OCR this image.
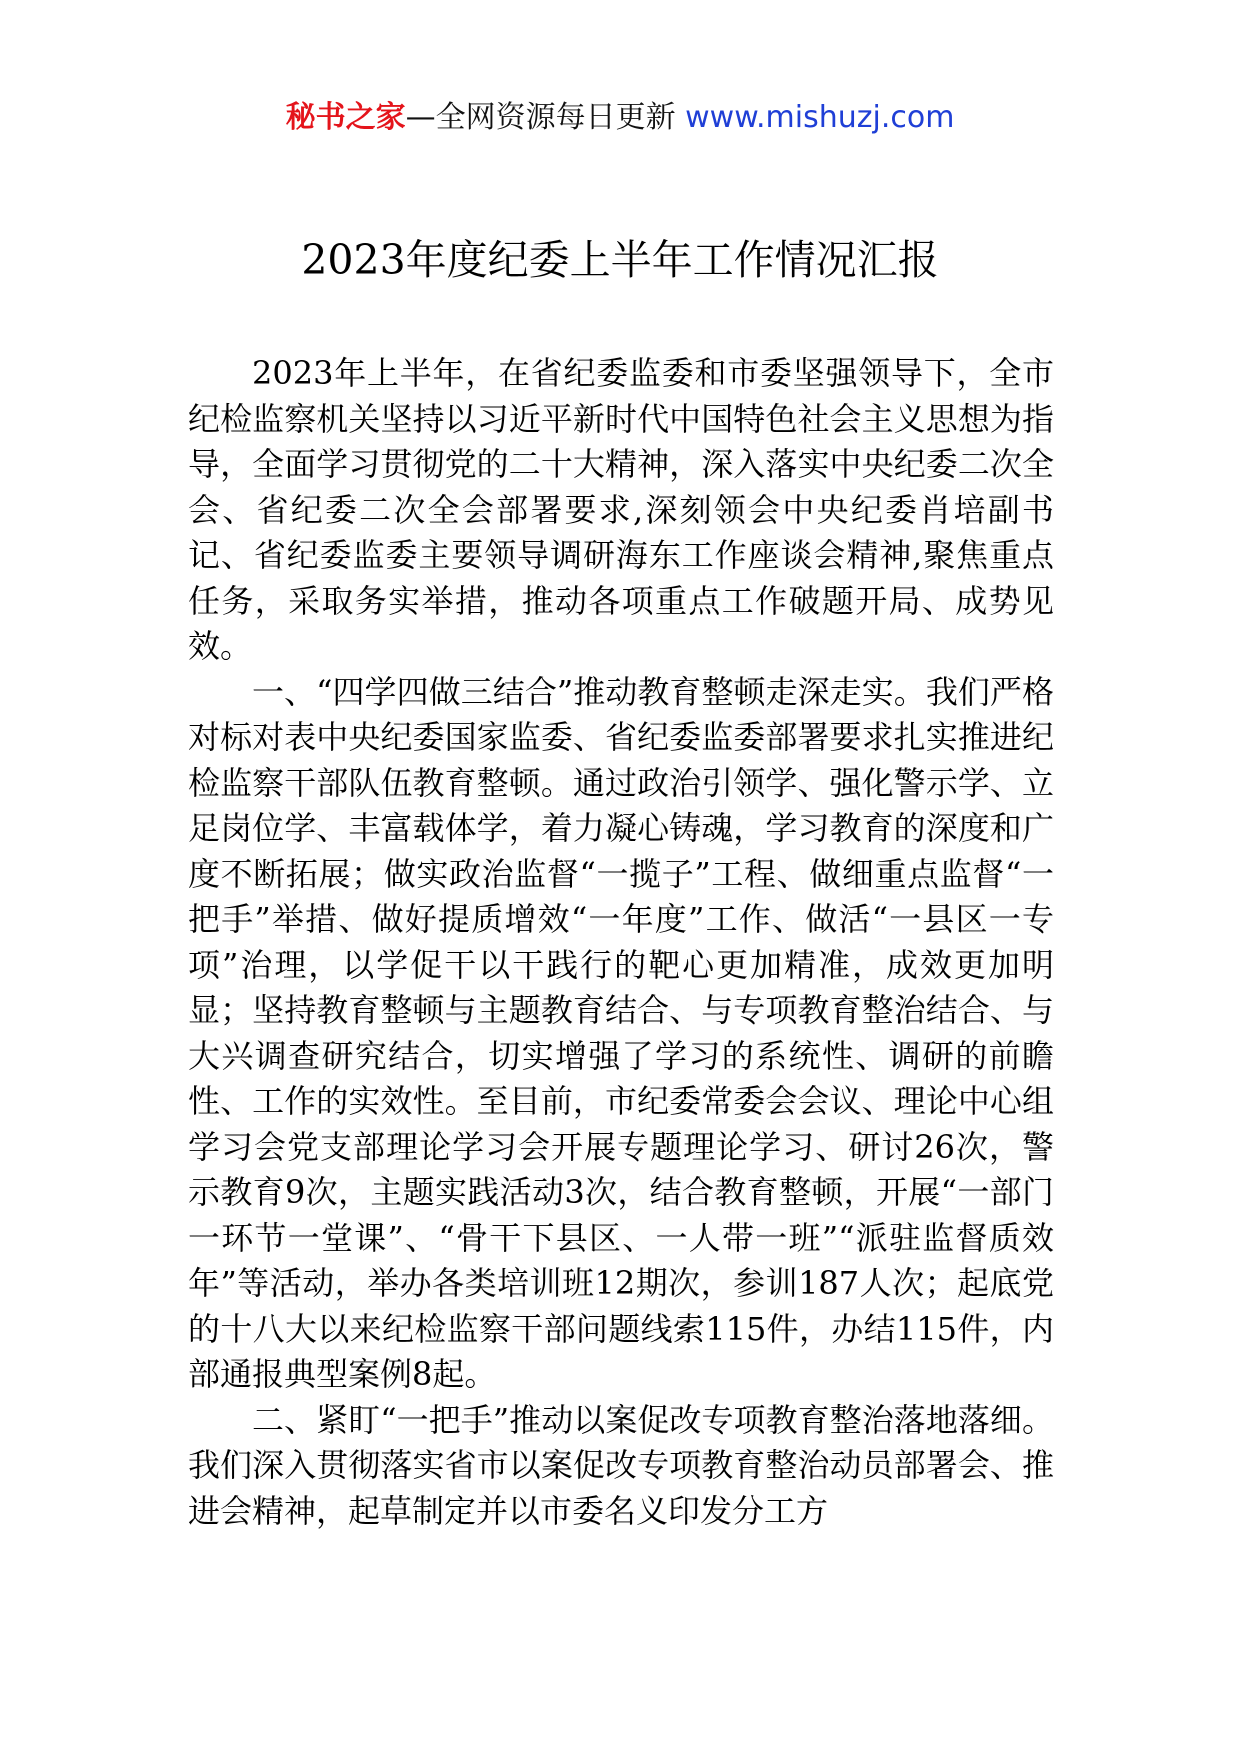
秘书之家—全网资源每日更新 www.mishuzj.com
2023年度纪委上半年工作情况汇报

2023年上半年，在省纪委监委和市委坚强领导下，全市纪检监察机关坚持以习近平新时代中国特色社会主义思想为指导，全面学习贯彻党的二十大精神，深入落实中央纪委二次全会、省纪委二次全会部署要求,深刻领会中央纪委肖培副书记、省纪委监委主要领导调研海东工作座谈会精神,聚焦重点任务，采取务实举措，推动各项重点工作破题开局、成势见效。

一、“四学四做三结合”推动教育整顿走深走实。我们严格对标对表中央纪委国家监委、省纪委监委部署要求扎实推进纪检监察干部队伍教育整顿。通过政治引领学、强化警示学、立足岗位学、丰富载体学，着力凝心铸魂，学习教育的深度和广度不断拓展；做实政治监督“一揽子”工程、做细重点监督“一把手”举措、做好提质增效“一年度”工作、做活“一县区一专项”治理，以学促干以干践行的靶心更加精准，成效更加明显；坚持教育整顿与主题教育结合、与专项教育整治结合、与大兴调查研究结合，切实增强了学习的系统性、调研的前瞻性、工作的实效性。至目前，市纪委常委会会议、理论中心组学习会党支部理论学习会开展专题理论学习、研讨26次，警示教育9次，主题实践活动3次，结合教育整顿，开展“一部门一环节一堂课”、“骨干下县区、一人带一班”“派驻监督质效年”等活动，举办各类培训班12期次，参训187人次；起底党的十八大以来纪检监察干部问题线索115件，办结115件，内部通报典型案例8起。

二、紧盯“一把手”推动以案促改专项教育整治落地落细。我们深入贯彻落实省市以案促改专项教育整治动员部署会、推进会精神，起草制定并以市委名义印发分工方
